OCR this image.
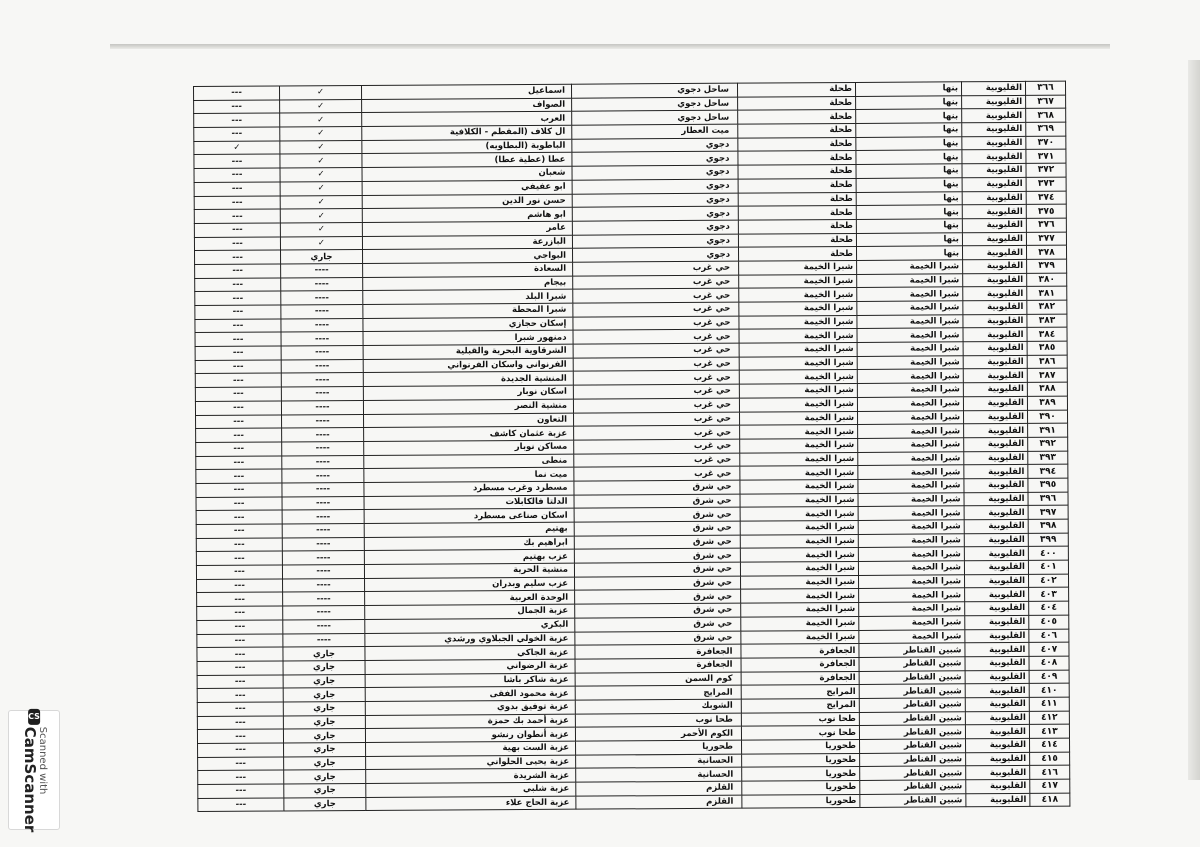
٣٦٦	القليوبية	بنها	طحلة	ساحل دجوي	اسماعيل	✓	---
٣٦٧	القليوبية	بنها	طحلة	ساحل دجوي	الصواف	✓	---
٣٦٨	القليوبية	بنها	طحلة	ساحل دجوي	العرب	✓	---
٣٦٩	القليوبية	بنها	طحلة	ميت العطار	ال كلاف (المقطم - الكلافية	✓	---
٣٧٠	القليوبية	بنها	طحلة	دجوي	الباطوبة (البطاويه)	✓	✓
٣٧١	القليوبية	بنها	طحلة	دجوي	عطا (عطية عطا)	✓	---
٣٧٢	القليوبية	بنها	طحلة	دجوي	شعبان	✓	---
٣٧٣	القليوبية	بنها	طحلة	دجوي	ابو عفيفي	✓	---
٣٧٤	القليوبية	بنها	طحلة	دجوي	حسن نور الدين	✓	---
٣٧٥	القليوبية	بنها	طحلة	دجوي	ابو هاشم	✓	---
٣٧٦	القليوبية	بنها	طحلة	دجوي	عامر	✓	---
٣٧٧	القليوبية	بنها	طحلة	دجوي	البازرعة	✓	---
٣٧٨	القليوبية	بنها	طحلة	دجوي	البواجي	جاري	---
٣٧٩	القليوبية	شبرا الخيمة	شبرا الخيمة	حي غرب	السعادة	----	---
٣٨٠	القليوبية	شبرا الخيمة	شبرا الخيمة	حي غرب	بيجام	----	---
٣٨١	القليوبية	شبرا الخيمة	شبرا الخيمة	حي غرب	شبرا البلد	----	---
٣٨٢	القليوبية	شبرا الخيمة	شبرا الخيمة	حي غرب	شبرا المحطة	----	---
٣٨٣	القليوبية	شبرا الخيمة	شبرا الخيمة	حي غرب	إسكان حجازي	----	---
٣٨٤	القليوبية	شبرا الخيمة	شبرا الخيمة	حي غرب	دمنهور شبرا	----	---
٣٨٥	القليوبية	شبرا الخيمة	شبرا الخيمة	حي غرب	الشرقاوية البحرية والقبلية	----	---
٣٨٦	القليوبية	شبرا الخيمة	شبرا الخيمة	حي غرب	الفرنواني واسكان الفرنواني	----	---
٣٨٧	القليوبية	شبرا الخيمة	شبرا الخيمة	حي غرب	المنشية الجديدة	----	---
٣٨٨	القليوبية	شبرا الخيمة	شبرا الخيمة	حي غرب	اسكان نوبار	----	---
٣٨٩	القليوبية	شبرا الخيمة	شبرا الخيمة	حي غرب	منشية النصر	----	---
٣٩٠	القليوبية	شبرا الخيمة	شبرا الخيمة	حي غرب	التعاون	----	---
٣٩١	القليوبية	شبرا الخيمة	شبرا الخيمة	حي غرب	عزبة عثمان كاشف	----	---
٣٩٢	القليوبية	شبرا الخيمة	شبرا الخيمة	حي غرب	مساكن نوبار	----	---
٣٩٣	القليوبية	شبرا الخيمة	شبرا الخيمة	حي غرب	منطى	----	---
٣٩٤	القليوبية	شبرا الخيمة	شبرا الخيمة	حي غرب	ميت نما	----	---
٣٩٥	القليوبية	شبرا الخيمة	شبرا الخيمة	حي شرق	مسطرد وغرب مسطرد	----	---
٣٩٦	القليوبية	شبرا الخيمة	شبرا الخيمة	حي شرق	الدلتا فالكابلات	----	---
٣٩٧	القليوبية	شبرا الخيمة	شبرا الخيمة	حي شرق	اسكان صناعى مسطرد	----	---
٣٩٨	القليوبية	شبرا الخيمة	شبرا الخيمة	حي شرق	بهتيم	----	---
٣٩٩	القليوبية	شبرا الخيمة	شبرا الخيمة	حي شرق	ابراهيم بك	----	---
٤٠٠	القليوبية	شبرا الخيمة	شبرا الخيمة	حي شرق	عزب بهتيم	----	---
٤٠١	القليوبية	شبرا الخيمة	شبرا الخيمة	حي شرق	منشية الحرية	----	---
٤٠٢	القليوبية	شبرا الخيمة	شبرا الخيمة	حي شرق	عزب سليم وبدران	----	---
٤٠٣	القليوبية	شبرا الخيمة	شبرا الخيمة	حي شرق	الوحدة العربية	----	---
٤٠٤	القليوبية	شبرا الخيمة	شبرا الخيمة	حي شرق	عزبة الجمال	----	---
٤٠٥	القليوبية	شبرا الخيمة	شبرا الخيمة	حي شرق	البكري	----	---
٤٠٦	القليوبية	شبرا الخيمة	شبرا الخيمة	حي شرق	عزبة الخولي الجبلاوي ورشدي	----	---
٤٠٧	القليوبية	شبين القناطر	الجعافرة	الجعافرة	عزبة الجاكي	جاري	---
٤٠٨	القليوبية	شبين القناطر	الجعافرة	الجعافرة	عزبة الرضواني	جاري	---
٤٠٩	القليوبية	شبين القناطر	الجعافرة	كوم السمن	عزبة شاكر باشا	جاري	---
٤١٠	القليوبية	شبين القناطر	المرايج	المرايج	عزبة محمود الفقى	جاري	---
٤١١	القليوبية	شبين القناطر	المرايج	الشوبك	عزبة توفيق بدوي	جاري	---
٤١٢	القليوبية	شبين القناطر	طحا نوب	طحا نوب	عزبة أحمد بك حمزة	جاري	---
٤١٣	القليوبية	شبين القناطر	طحا نوب	الكوم الأحمر	عزبة أنطوان رنشو	جاري	---
٤١٤	القليوبية	شبين القناطر	طحوريا	طحوريا	عزبة الست بهية	جاري	---
٤١٥	القليوبية	شبين القناطر	طحوريا	الحسانية	عزبة يحيى الحلواني	جاري	---
٤١٦	القليوبية	شبين القناطر	طحوريا	الحسانية	عزبة الشريدة	جاري	---
٤١٧	القليوبية	شبين القناطر	طحوريا	القلزم	عزبة شلبي	جاري	---
٤١٨	القليوبية	شبين القناطر	طحوريا	القلزم	عزبة الحاج علاء	جاري	---
CS
Scanned with
CamScanner
